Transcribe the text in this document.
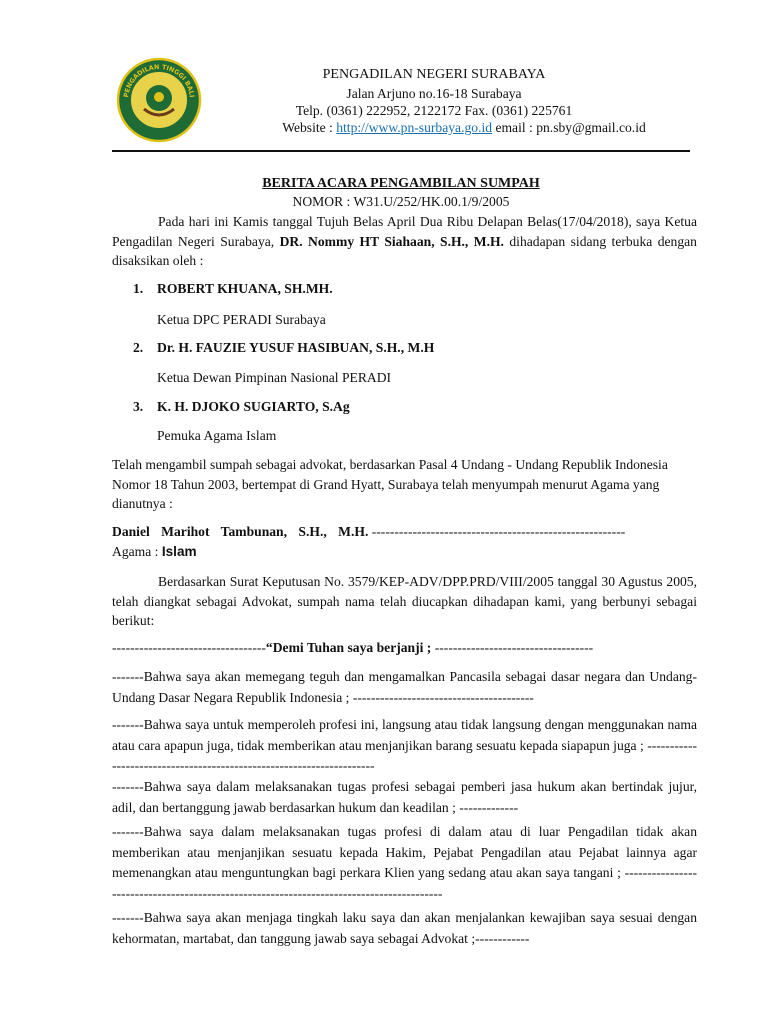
PENGADILAN TINGGI BALI
PENGADILAN NEGERI SURABAYA
Jalan Arjuno no.16-18 Surabaya
Telp. (0361) 222952, 2122172 Fax. (0361) 225761
Website : http://www.pn-surbaya.go.id email : pn.sby@gmail.co.id
BERITA ACARA PENGAMBILAN SUMPAH
NOMOR : W31.U/252/HK.00.1/9/2005
Pada hari ini Kamis tanggal Tujuh Belas April Dua Ribu Delapan Belas(17/04/2018), saya Ketua Pengadilan Negeri Surabaya, DR. Nommy HT Siahaan, S.H., M.H. dihadapan sidang terbuka dengan disaksikan oleh :
1. ROBERT KHUANA, SH.MH.
Ketua DPC PERADI Surabaya
2. Dr. H. FAUZIE YUSUF HASIBUAN, S.H., M.H
Ketua Dewan Pimpinan Nasional PERADI
3. K. H. DJOKO SUGIARTO, S.Ag
Pemuka Agama Islam
Telah mengambil sumpah sebagai advokat, berdasarkan Pasal 4 Undang - Undang Republik Indonesia Nomor 18 Tahun 2003, bertempat di Grand Hyatt, Surabaya telah menyumpah menurut Agama yang dianutnya :
Daniel Marihot Tambunan, S.H., M.H. --------------------------------------------------------
Agama : Islam
Berdasarkan Surat Keputusan No. 3579/KEP-ADV/DPP.PRD/VIII/2005 tanggal 30 Agustus 2005, telah diangkat sebagai Advokat, sumpah nama telah diucapkan dihadapan kami, yang berbunyi sebagai berikut:
----------------------------------“Demi Tuhan saya berjanji ; -----------------------------------
-------Bahwa saya akan memegang teguh dan mengamalkan Pancasila sebagai dasar negara dan Undang-Undang Dasar Negara Republik Indonesia ; ----------------------------------------
-------Bahwa saya untuk memperoleh profesi ini, langsung atau tidak langsung dengan menggunakan nama atau cara apapun juga, tidak memberikan atau menjanjikan barang sesuatu kepada siapapun juga ; ---------------------------------------------------------------------
-------Bahwa saya dalam melaksanakan tugas profesi sebagai pemberi jasa hukum akan bertindak jujur, adil, dan bertanggung jawab berdasarkan hukum dan keadilan ; -------------
-------Bahwa saya dalam melaksanakan tugas profesi di dalam atau di luar Pengadilan tidak akan memberikan atau menjanjikan sesuatu kepada Hakim, Pejabat Pengadilan atau Pejabat lainnya agar memenangkan atau menguntungkan bagi perkara Klien yang sedang atau akan saya tangani ; -----------------------------------------------------------------------------------------
-------Bahwa saya akan menjaga tingkah laku saya dan akan menjalankan kewajiban saya sesuai dengan kehormatan, martabat, dan tanggung jawab saya sebagai Advokat ;------------
